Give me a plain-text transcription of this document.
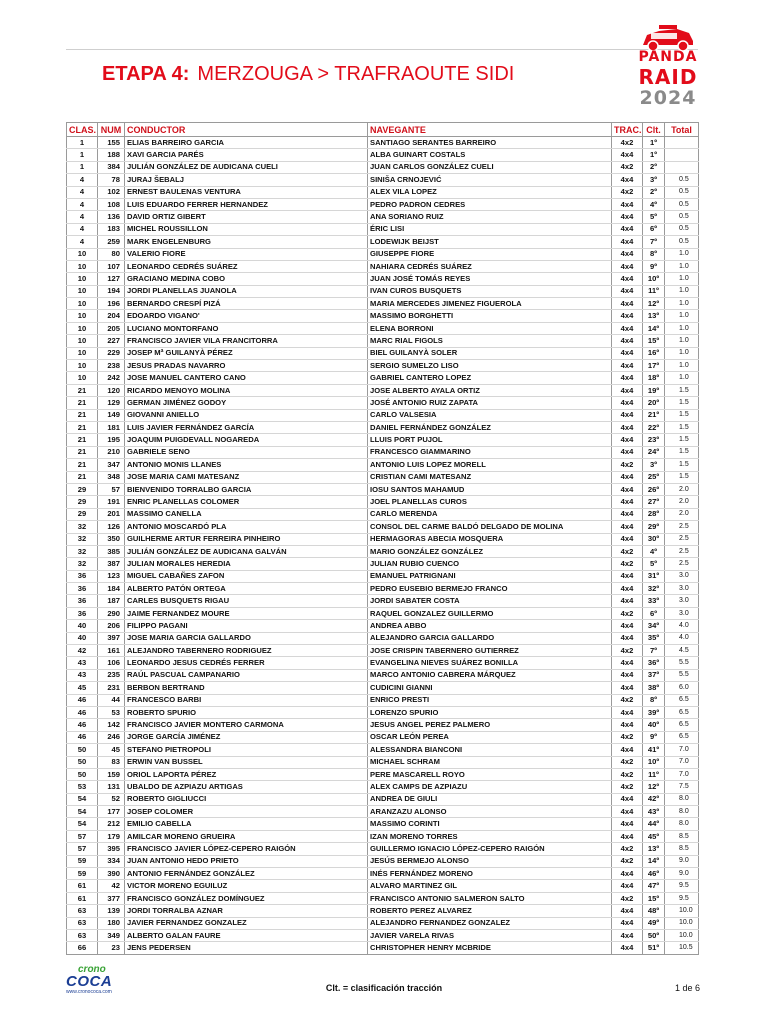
ETAPA 4: MERZOUGA > TRAFRAOUTE SIDI
PANDA
RAID
2024
CLAS.	NUM	CONDUCTOR	NAVEGANTE	TRAC.	Clt.	Total
1	155	ELIAS BARREIRO GARCIA	SANTIAGO SERANTES BARREIRO	4x2	1º	
1	188	XAVI GARCIA PARÉS	ALBA GUINART COSTALS	4x4	1º	
1	384	JULIÁN GONZÁLEZ DE AUDICANA CUELI	JUAN CARLOS GONZÁLEZ CUELI	4x2	2º	
4	78	JURAJ ŠEBALJ	SINIŠA CRNOJEVIĆ	4x4	3º	0.5
4	102	ERNEST BAULENAS VENTURA	ALEX VILA LOPEZ	4x2	2º	0.5
4	108	LUIS EDUARDO FERRER HERNANDEZ	PEDRO PADRON CEDRES	4x4	4º	0.5
4	136	DAVID ORTIZ GIBERT	ANA SORIANO RUIZ	4x4	5º	0.5
4	183	MICHEL ROUSSILLON	ÉRIC LISI	4x4	6º	0.5
4	259	MARK ENGELENBURG	LODEWIJK BEIJST	4x4	7º	0.5
10	80	VALERIO FIORE	GIUSEPPE FIORE	4x4	8º	1.0
10	107	LEONARDO CEDRÉS SUÁREZ	NAHIARA CEDRÉS SUÁREZ	4x4	9º	1.0
10	127	GRACIANO MEDINA COBO	JUAN JOSÉ TOMÁS REYES	4x4	10º	1.0
10	194	JORDI PLANELLAS JUANOLA	IVAN CUROS BUSQUETS	4x4	11º	1.0
10	196	BERNARDO CRESPÍ PIZÁ	MARIA MERCEDES JIMENEZ FIGUEROLA	4x4	12º	1.0
10	204	EDOARDO VIGANO'	MASSIMO BORGHETTI	4x4	13º	1.0
10	205	LUCIANO MONTORFANO	ELENA BORRONI	4x4	14º	1.0
10	227	FRANCISCO JAVIER VILA FRANCITORRA	MARC RIAL FIGOLS	4x4	15º	1.0
10	229	JOSEP Mª GUILANYÀ PÉREZ	BIEL GUILANYÀ SOLER	4x4	16º	1.0
10	238	JESUS PRADAS NAVARRO	SERGIO SUMELZO LISO	4x4	17º	1.0
10	242	JOSE MANUEL CANTERO CANO	GABRIEL CANTERO LOPEZ	4x4	18º	1.0
21	120	RICARDO MENOYO MOLINA	JOSE ALBERTO AYALA ORTIZ	4x4	19º	1.5
21	129	GERMAN JIMÉNEZ GODOY	JOSÉ ANTONIO RUIZ ZAPATA	4x4	20º	1.5
21	149	GIOVANNI ANIELLO	CARLO VALSESIA	4x4	21º	1.5
21	181	LUIS JAVIER FERNÁNDEZ GARCÍA	DANIEL FERNÁNDEZ GONZÁLEZ	4x4	22º	1.5
21	195	JOAQUIM PUIGDEVALL NOGAREDA	LLUIS PORT PUJOL	4x4	23º	1.5
21	210	GABRIELE SENO	FRANCESCO GIAMMARINO	4x4	24º	1.5
21	347	ANTONIO MONIS LLANES	ANTONIO LUIS LOPEZ MORELL	4x2	3º	1.5
21	348	JOSE MARIA CAMI MATESANZ	CRISTIAN CAMI MATESANZ	4x4	25º	1.5
29	57	BIENVENIDO TORRALBO GARCIA	IOSU SANTOS MAHAMUD	4x4	26º	2.0
29	191	ENRIC PLANELLAS COLOMER	JOEL PLANELLAS CUROS	4x4	27º	2.0
29	201	MASSIMO CANELLA	CARLO MERENDA	4x4	28º	2.0
32	126	ANTONIO MOSCARDÓ PLA	CONSOL DEL CARME BALDÓ DELGADO DE MOLINA	4x4	29º	2.5
32	350	GUILHERME ARTUR FERREIRA PINHEIRO	HERMAGORAS ABECIA MOSQUERA	4x4	30º	2.5
32	385	JULIÁN GONZÁLEZ DE AUDICANA GALVÁN	MARIO GONZÁLEZ GONZÁLEZ	4x2	4º	2.5
32	387	JULIAN MORALES HEREDIA	JULIAN RUBIO CUENCO	4x2	5º	2.5
36	123	MIGUEL CABAÑES ZAFON	EMANUEL PATRIGNANI	4x4	31º	3.0
36	184	ALBERTO PATÓN ORTEGA	PEDRO EUSEBIO BERMEJO FRANCO	4x4	32º	3.0
36	187	CARLES BUSQUETS RIGAU	JORDI SABATER COSTA	4x4	33º	3.0
36	290	JAIME FERNANDEZ MOURE	RAQUEL GONZALEZ GUILLERMO	4x2	6º	3.0
40	206	FILIPPO PAGANI	ANDREA ABBO	4x4	34º	4.0
40	397	JOSE MARIA GARCIA GALLARDO	ALEJANDRO GARCIA GALLARDO	4x4	35º	4.0
42	161	ALEJANDRO TABERNERO RODRIGUEZ	JOSE CRISPIN TABERNERO GUTIERREZ	4x2	7º	4.5
43	106	LEONARDO JESUS CEDRÉS FERRER	EVANGELINA NIEVES SUÁREZ BONILLA	4x4	36º	5.5
43	235	RAÚL PASCUAL CAMPANARIO	MARCO ANTONIO CABRERA MÁRQUEZ	4x4	37º	5.5
45	231	BERBON BERTRAND	CUDICINI GIANNI	4x4	38º	6.0
46	44	FRANCESCO BARBI	ENRICO PRESTI	4x2	8º	6.5
46	53	ROBERTO SPURIO	LORENZO SPURIO	4x4	39º	6.5
46	142	FRANCISCO JAVIER MONTERO CARMONA	JESUS ANGEL PEREZ PALMERO	4x4	40º	6.5
46	246	JORGE GARCÍA JIMÉNEZ	OSCAR LEÓN PEREA	4x2	9º	6.5
50	45	STEFANO PIETROPOLI	ALESSANDRA BIANCONI	4x4	41º	7.0
50	83	ERWIN VAN BUSSEL	MICHAEL SCHRAM	4x2	10º	7.0
50	159	ORIOL LAPORTA PÉREZ	PERE MASCARELL ROYO	4x2	11º	7.0
53	131	UBALDO DE AZPIAZU ARTIGAS	ALEX CAMPS DE AZPIAZU	4x2	12º	7.5
54	52	ROBERTO GIGLIUCCI	ANDREA DE GIULI	4x4	42º	8.0
54	177	JOSEP COLOMER	ARANZAZU ALONSO	4x4	43º	8.0
54	212	EMILIO CABELLA	MASSIMO CORINTI	4x4	44º	8.0
57	179	AMILCAR MORENO GRUEIRA	IZAN MORENO TORRES	4x4	45º	8.5
57	395	FRANCISCO JAVIER LÓPEZ-CEPERO RAIGÓN	GUILLERMO IGNACIO LÓPEZ-CEPERO RAIGÓN	4x2	13º	8.5
59	334	JUAN ANTONIO HEDO PRIETO	JESÚS BERMEJO ALONSO	4x2	14º	9.0
59	390	ANTONIO FERNÁNDEZ GONZÁLEZ	INÉS FERNÁNDEZ MORENO	4x4	46º	9.0
61	42	VICTOR MORENO EGUILUZ	ALVARO MARTINEZ GIL	4x4	47º	9.5
61	377	FRANCISCO GONZÁLEZ DOMÍNGUEZ	FRANCISCO ANTONIO SALMERON SALTO	4x2	15º	9.5
63	139	JORDI TORRALBA AZNAR	ROBERTO PEREZ ALVAREZ	4x4	48º	10.0
63	180	JAVIER FERNANDEZ GONZALEZ	ALEJANDRO FERNANDEZ GONZALEZ	4x4	49º	10.0
63	349	ALBERTO GALAN FAURE	JAVIER VARELA RIVAS	4x4	50º	10.0
66	23	JENS PEDERSEN	CHRISTOPHER HENRY MCBRIDE	4x4	51º	10.5
crono
COCA
www.cronococa.com	Clt. = clasificación tracción	1 de 6
